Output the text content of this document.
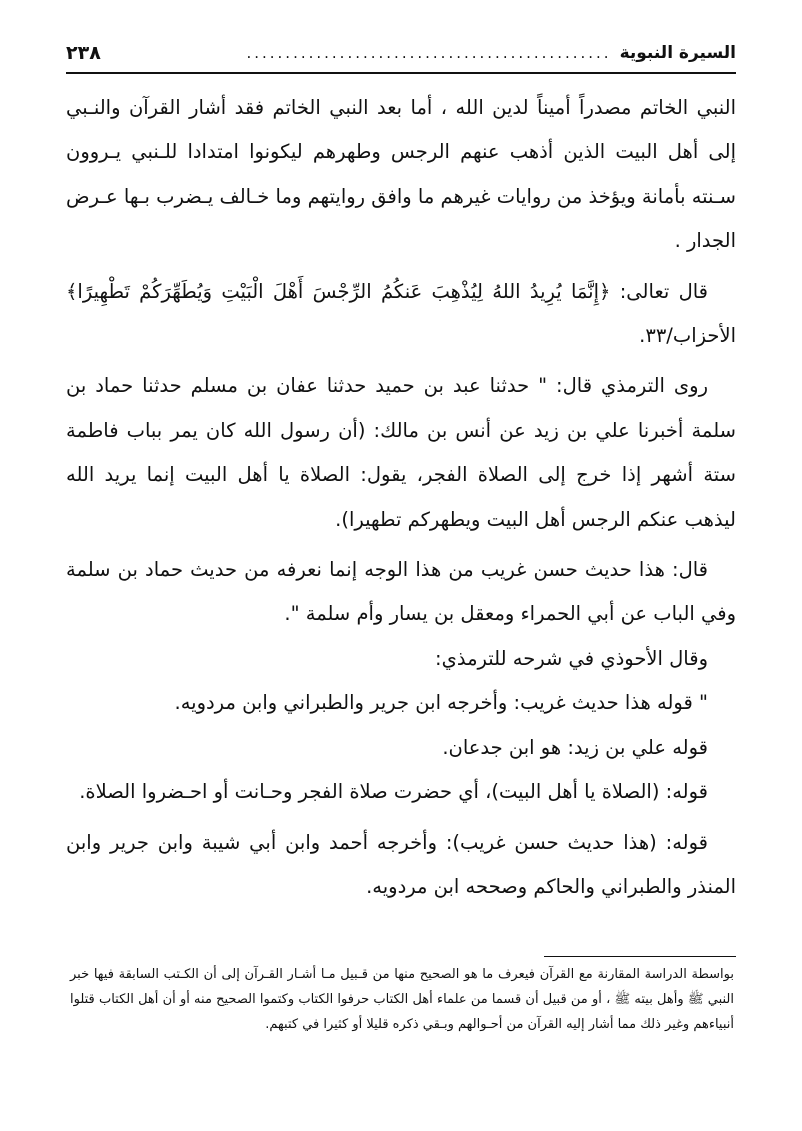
السيرة النبوية
...............................................
٢٣٨

النبي الخاتم مصدراً أميناً لدين الله ، أما بعد النبي الخاتم فقد أشار القرآن والنـبي إلى أهل البيت الذين أذهب عنهم الرجس وطهرهم ليكونوا امتدادا للـنبي يـروون سـنته بأمانة ويؤخذ من روايات غيرهم ما وافق روايتهم وما خـالف يـضرب بـها عـرض الجدار .

قال تعالى: ﴿إِنَّمَا يُرِيدُ اللهُ لِيُذْهِبَ عَنكُمُ الرِّجْسَ أَهْلَ الْبَيْتِ وَيُطَهِّرَكُمْ تَطْهِيرًا﴾ الأحزاب/٣٣.

روى الترمذي قال: " حدثنا عبد بن حميد حدثنا عفان بن مسلم حدثنا حماد بن سلمة أخبرنا علي بن زيد عن أنس بن مالك: (أن رسول الله كان يمر بباب فاطمة ستة أشهر إذا خرج إلى الصلاة الفجر، يقول: الصلاة يا أهل البيت إنما يريد الله ليذهب عنكم الرجس أهل البيت ويطهركم تطهيرا).

قال: هذا حديث حسن غريب من هذا الوجه إنما نعرفه من حديث حماد بن سلمة وفي الباب عن أبي الحمراء ومعقل بن يسار وأم سلمة ".

وقال الأحوذي في شرحه للترمذي:

" قوله هذا حديث غريب: وأخرجه ابن جرير والطبراني وابن مردويه.

قوله علي بن زيد: هو ابن جدعان.

قوله: (الصلاة يا أهل البيت)، أي حضرت صلاة الفجر وحـانت أو احـضروا الصلاة.

قوله: (هذا حديث حسن غريب): وأخرجه أحمد وابن أبي شيبة وابن جرير وابن المنذر والطبراني والحاكم وصححه ابن مردويه.

بواسطة الدراسة المقارنة مع القرآن فيعرف ما هو الصحيح منها من قـبيل مـا أشـار القـرآن إلى أن الكـتب السابقة فيها خبر النبي ﷺ وأهل بيته ﷺ ، أو من قبيل أن قسما من علماء أهل الكتاب حرفوا الكتاب وكتموا الصحيح منه أو أن أهل الكتاب قتلوا أنبياءهم وغير ذلك مما أشار إليه القرآن من أحـوالهم وبـقي ذكره قليلا أو كثيرا في كتبهم.
